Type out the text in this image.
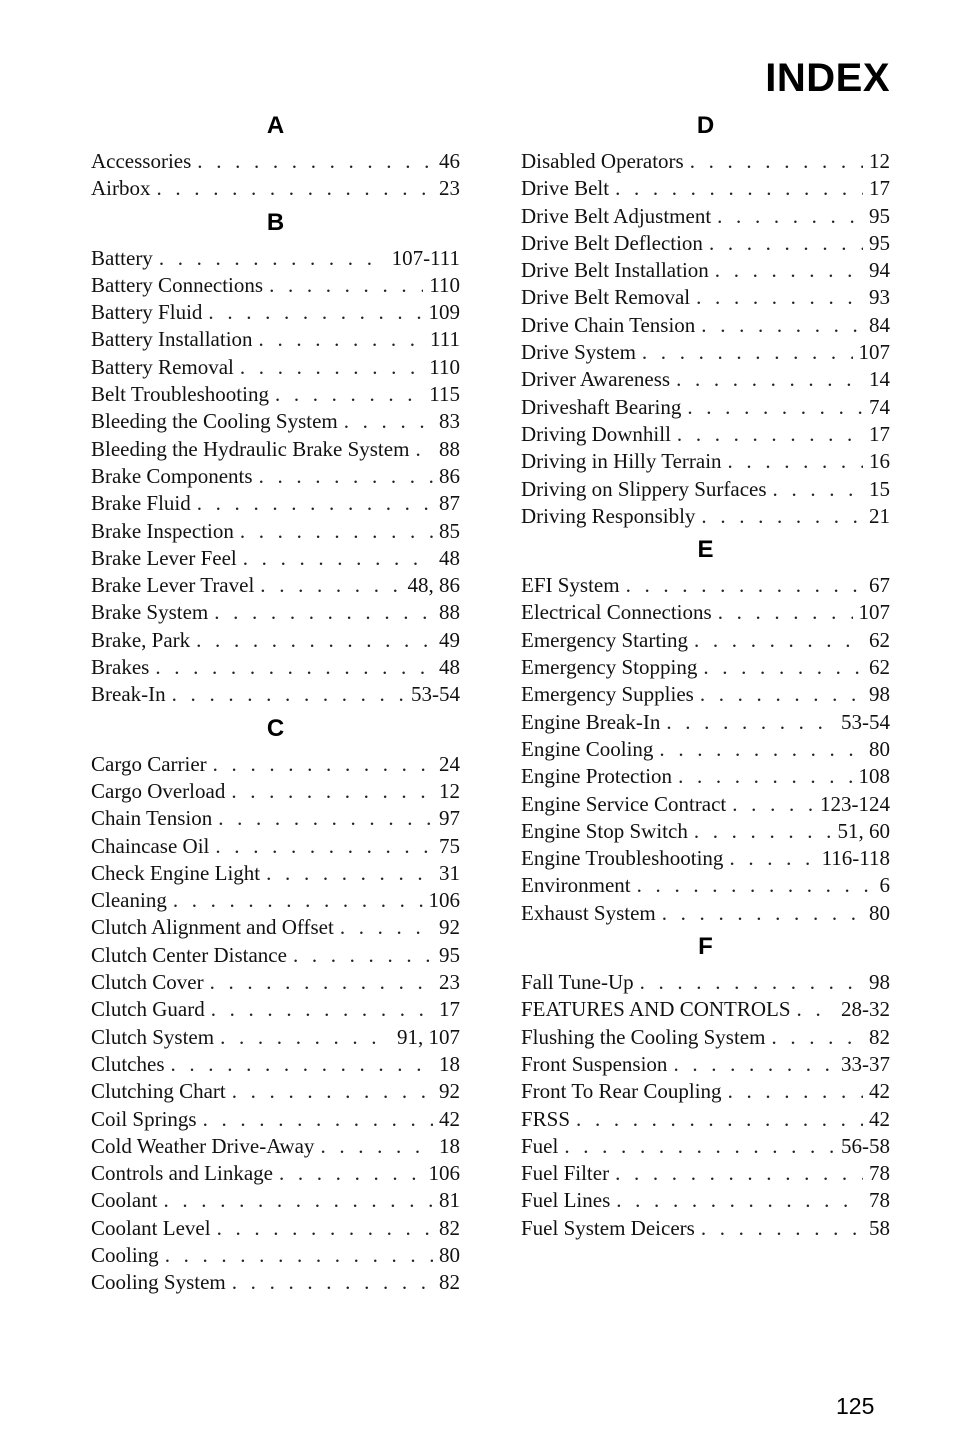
INDEX
A
Accessories . . .	46
Airbox . . .	23
B
Battery . . .	107-111
Battery Connections . . .	110
Battery Fluid . . .	109
Battery Installation . . .	111
Battery Removal . . .	110
Belt Troubleshooting . . .	115
Bleeding the Cooling System . . .	83
Bleeding the Hydraulic Brake System . . . 88
Brake Components . . .	86
Brake Fluid . . .	87
Brake Inspection . . .	85
Brake Lever Feel . . .	48
Brake Lever Travel . . .	48, 86
Brake System . . .	88
Brake, Park . . .	49
Brakes . . .	48
Break-In . . .	53-54
C
Cargo Carrier . . .	24
Cargo Overload . . .	12
Chain Tension . . .	97
Chaincase Oil . . .	75
Check Engine Light . . .	31
Cleaning . . .	106
Clutch Alignment and Offset . . .	92
Clutch Center Distance . . .	95
Clutch Cover . . .	23
Clutch Guard . . .	17
Clutch System . . .	91, 107
Clutches . . .	18
Clutching Chart . . .	92
Coil Springs . . .	42
Cold Weather Drive-Away . . .	18
Controls and Linkage . . .	106
Coolant . . .	81
Coolant Level . . .	82
Cooling . . .	80
Cooling System . . .	82
D
Disabled Operators . . .	12
Drive Belt . . .	17
Drive Belt Adjustment . . .	95
Drive Belt Deflection . . .	95
Drive Belt Installation . . .	94
Drive Belt Removal . . .	93
Drive Chain Tension . . .	84
Drive System . . .	107
Driver Awareness . . .	14
Driveshaft Bearing . . .	74
Driving Downhill . . .	17
Driving in Hilly Terrain . . .	16
Driving on Slippery Surfaces . . .	15
Driving Responsibly . . .	21
E
EFI System . . .	67
Electrical Connections . . .	107
Emergency Starting . . .	62
Emergency Stopping . . .	62
Emergency Supplies . . .	98
Engine Break-In . . .	53-54
Engine Cooling . . .	80
Engine Protection . . .	108
Engine Service Contract . . .	123-124
Engine Stop Switch . . .	51, 60
Engine Troubleshooting . . .	116-118
Environment . . .	6
Exhaust System . . .	80
F
Fall Tune-Up . . .	98
FEATURES AND CONTROLS . . . 28-32
Flushing the Cooling System . . .	82
Front Suspension . . .	33-37
Front To Rear Coupling . . .	42
FRSS . . .	42
Fuel . . .	56-58
Fuel Filter . . .	78
Fuel Lines . . .	78
Fuel System Deicers . . .	58
125
